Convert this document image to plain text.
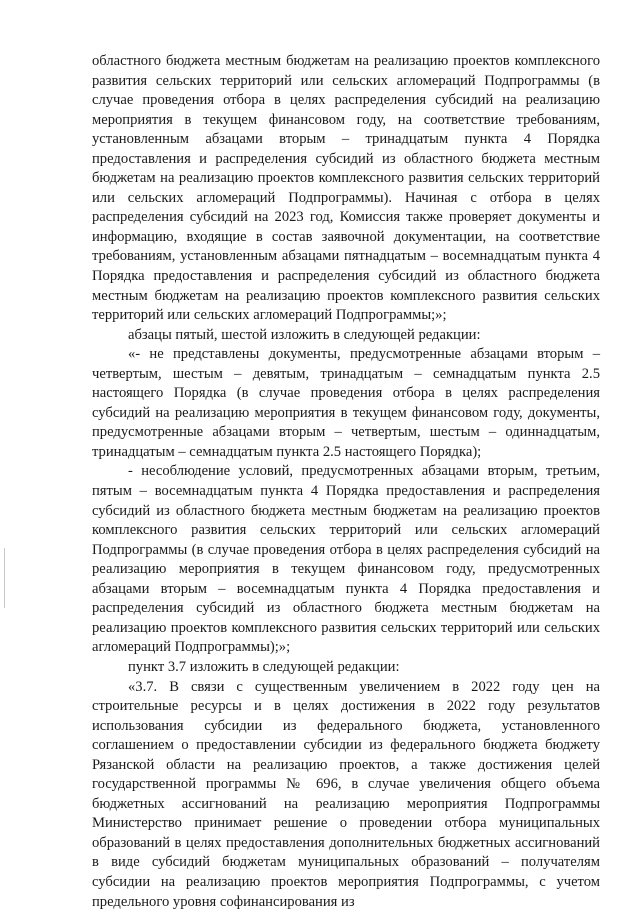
областного бюджета местным бюджетам на реализацию проектов комплексного развития сельских территорий или сельских агломераций Подпрограммы (в случае проведения отбора в целях распределения субсидий на реализацию мероприятия в текущем финансовом году, на соответствие требованиям, установленным абзацами вторым – тринадцатым пункта 4 Порядка предоставления и распределения субсидий из областного бюджета местным бюджетам на реализацию проектов комплексного развития сельских территорий или сельских агломераций Подпрограммы). Начиная с отбора в целях распределения субсидий на 2023 год, Комиссия также проверяет документы и информацию, входящие в состав заявочной документации, на соответствие требованиям, установленным абзацами пятнадцатым – восемнадцатым пункта 4 Порядка предоставления и распределения субсидий из областного бюджета местным бюджетам на реализацию проектов комплексного развития сельских территорий или сельских агломераций Подпрограммы;»;

абзацы пятый, шестой изложить в следующей редакции:

«- не представлены документы, предусмотренные абзацами вторым – четвертым, шестым – девятым, тринадцатым – семнадцатым пункта 2.5 настоящего Порядка (в случае проведения отбора в целях распределения субсидий на реализацию мероприятия в текущем финансовом году, документы, предусмотренные абзацами вторым – четвертым, шестым – одиннадцатым, тринадцатым – семнадцатым пункта 2.5 настоящего Порядка);

- несоблюдение условий, предусмотренных абзацами вторым, третьим, пятым – восемнадцатым пункта 4 Порядка предоставления и распределения субсидий из областного бюджета местным бюджетам на реализацию проектов комплексного развития сельских территорий или сельских агломераций Подпрограммы (в случае проведения отбора в целях распределения субсидий на реализацию мероприятия в текущем финансовом году, предусмотренных абзацами вторым – восемнадцатым пункта 4 Порядка предоставления и распределения субсидий из областного бюджета местным бюджетам на реализацию проектов комплексного развития сельских территорий или сельских агломераций Подпрограммы);»;

пункт 3.7 изложить в следующей редакции:

«3.7. В связи с существенным увеличением в 2022 году цен на строительные ресурсы и в целях достижения в 2022 году результатов использования субсидии из федерального бюджета, установленного соглашением о предоставлении субсидии из федерального бюджета бюджету Рязанской области на реализацию проектов, а также достижения целей государственной программы № 696, в случае увеличения общего объема бюджетных ассигнований на реализацию мероприятия Подпрограммы Министерство принимает решение о проведении отбора муниципальных образований в целях предоставления дополнительных бюджетных ассигнований в виде субсидий бюджетам муниципальных образований – получателям субсидии на реализацию проектов мероприятия Подпрограммы, с учетом предельного уровня софинансирования из
